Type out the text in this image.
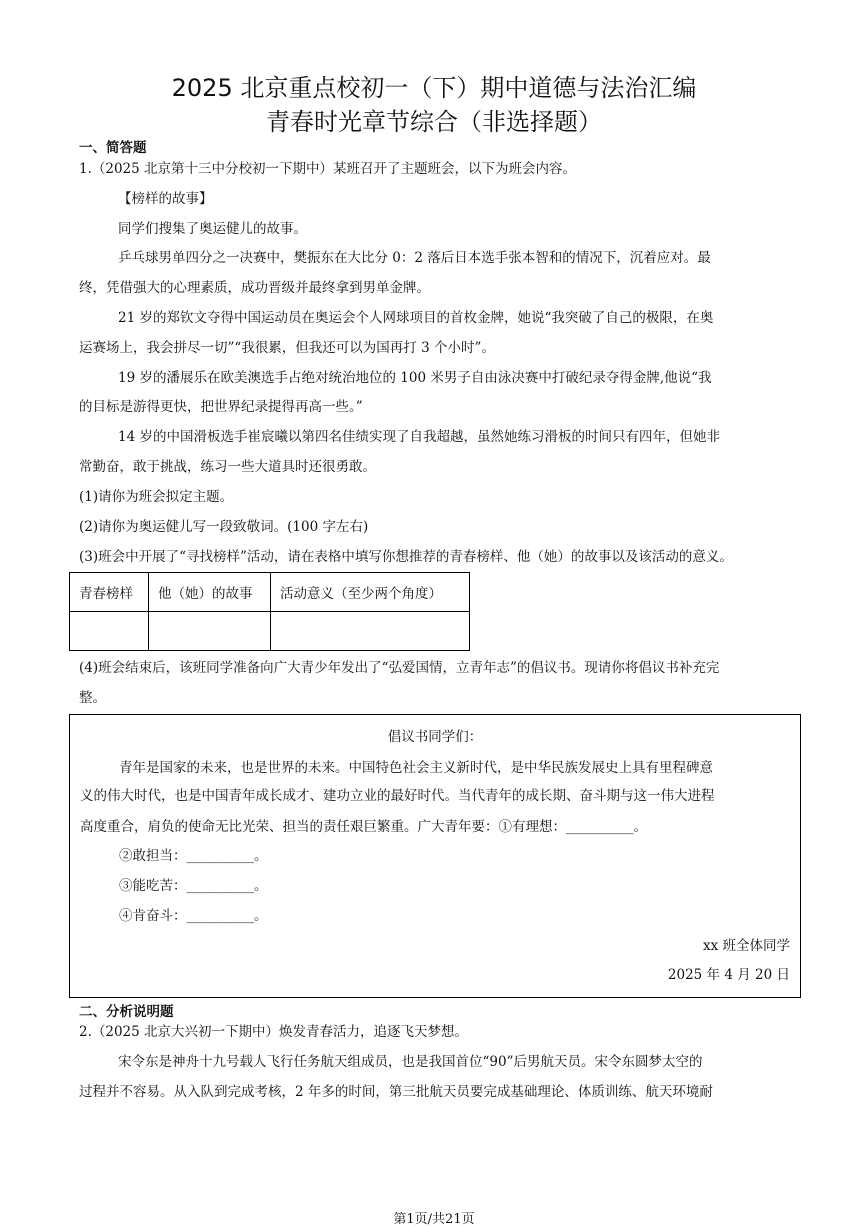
2025 北京重点校初一（下）期中道德与法治汇编
青春时光章节综合（非选择题）
一、简答题
1.（2025 北京第十三中分校初一下期中）某班召开了主题班会，以下为班会内容。
【榜样的故事】
同学们搜集了奥运健儿的故事。
乒乓球男单四分之一决赛中，樊振东在大比分 0：2 落后日本选手张本智和的情况下，沉着应对。最
终，凭借强大的心理素质，成功晋级并最终拿到男单金牌。
21 岁的郑钦文夺得中国运动员在奥运会个人网球项目的首枚金牌，她说“我突破了自己的极限，在奥
运赛场上，我会拼尽一切”“我很累，但我还可以为国再打 3 个小时”。
19 岁的潘展乐在欧美澳选手占绝对统治地位的 100 米男子自由泳决赛中打破纪录夺得金牌,他说“我
的目标是游得更快，把世界纪录提得再高一些。”
14 岁的中国滑板选手崔宸曦以第四名佳绩实现了自我超越，虽然她练习滑板的时间只有四年，但她非
常勤奋，敢于挑战，练习一些大道具时还很勇敢。
(1)请你为班会拟定主题。
(2)请你为奥运健儿写一段致敬词。(100 字左右)
(3)班会中开展了“寻找榜样”活动，请在表格中填写你想推荐的青春榜样、他（她）的故事以及该活动的意义。
青春榜样	他（她）的故事	活动意义（至少两个角度）

(4)班会结束后，该班同学准备向广大青少年发出了“弘爱国情，立青年志”的倡议书。现请你将倡议书补充完
整。
倡议书同学们：
青年是国家的未来，也是世界的未来。中国特色社会主义新时代，是中华民族发展史上具有里程碑意
义的伟大时代，也是中国青年成长成才、建功立业的最好时代。当代青年的成长期、奋斗期与这一伟大进程
高度重合，肩负的使命无比光荣、担当的责任艰巨繁重。广大青年要：①有理想：__________。
②敢担当：__________。
③能吃苦：__________。
④肯奋斗：__________。
xx 班全体同学
2025 年 4 月 20 日
二、分析说明题
2.（2025 北京大兴初一下期中）焕发青春活力，追逐飞天梦想。
宋令东是神舟十九号载人飞行任务航天组成员，也是我国首位“90”后男航天员。宋令东圆梦太空的
过程并不容易。从入队到完成考核，2 年多的时间，第三批航天员要完成基础理论、体质训练、航天环境耐
第1页/共21页
